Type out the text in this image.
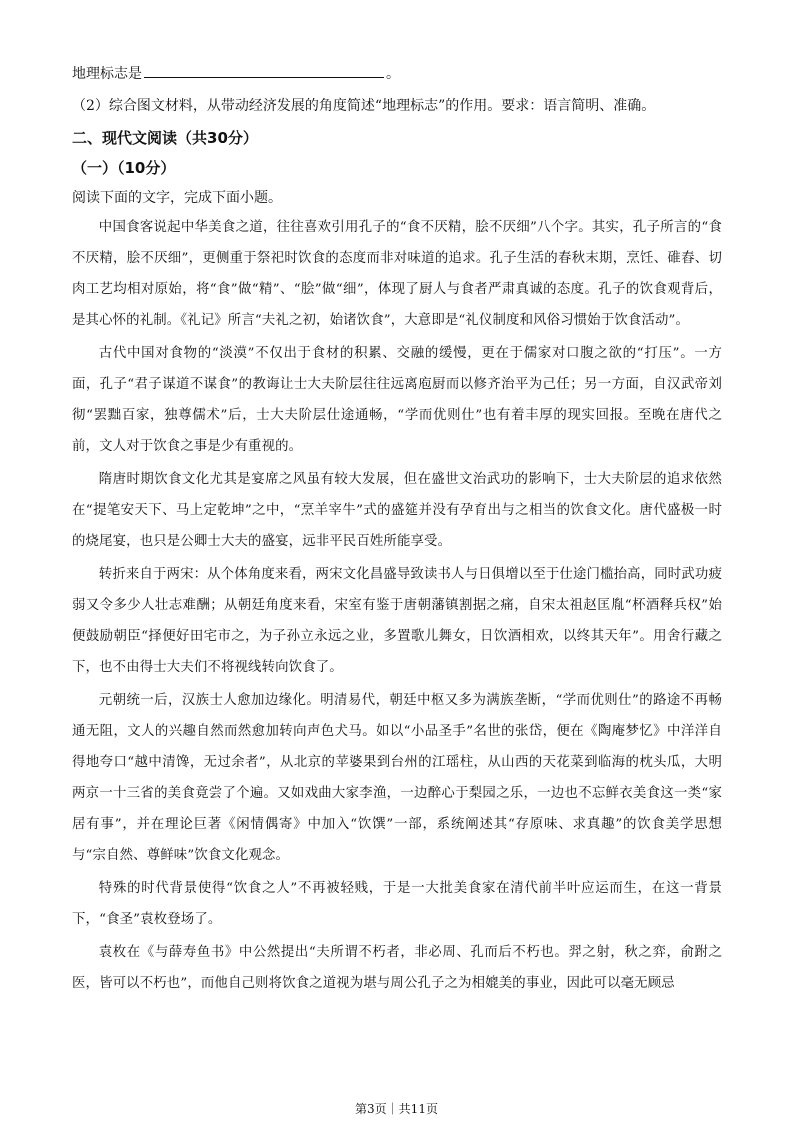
地理标志是	。
（2）综合图文材料，从带动经济发展的角度简述“地理标志”的作用。要求：语言简明、准确。
二、现代文阅读（共30分）
（一）（10分）
阅读下面的文字，完成下面小题。
中国食客说起中华美食之道，往往喜欢引用孔子的“食不厌精，脍不厌细”八个字。其实，孔子所言的“食不厌精，脍不厌细”，更侧重于祭祀时饮食的态度而非对味道的追求。孔子生活的春秋末期，烹饪、碓舂、切肉工艺均相对原始，将“食”做“精”、“脍”做“细”，体现了厨人与食者严肃真诚的态度。孔子的饮食观背后，是其心怀的礼制。《礼记》所言“夫礼之初，始诸饮食”，大意即是“礼仪制度和风俗习惯始于饮食活动”。
古代中国对食物的“淡漠”不仅出于食材的积累、交融的缓慢，更在于儒家对口腹之欲的“打压”。一方面，孔子“君子谋道不谋食”的教诲让士大夫阶层往往远离庖厨而以修齐治平为己任；另一方面，自汉武帝刘彻“罢黜百家，独尊儒术”后，士大夫阶层仕途通畅，“学而优则仕”也有着丰厚的现实回报。至晚在唐代之前，文人对于饮食之事是少有重视的。
隋唐时期饮食文化尤其是宴席之风虽有较大发展，但在盛世文治武功的影响下，士大夫阶层的追求依然在“提笔安天下、马上定乾坤”之中，“烹羊宰牛”式的盛筵并没有孕育出与之相当的饮食文化。唐代盛极一时的烧尾宴，也只是公卿士大夫的盛宴，远非平民百姓所能享受。
转折来自于两宋：从个体角度来看，两宋文化昌盛导致读书人与日俱增以至于仕途门槛抬高，同时武功疲弱又令多少人壮志难酬；从朝廷角度来看，宋室有鉴于唐朝藩镇割据之痛，自宋太祖赵匡胤“杯酒释兵权”始便鼓励朝臣“择便好田宅市之，为子孙立永远之业，多置歌儿舞女，日饮酒相欢，以终其天年”。用舍行藏之下，也不由得士大夫们不将视线转向饮食了。
元朝统一后，汉族士人愈加边缘化。明清易代，朝廷中枢又多为满族垄断，“学而优则仕”的路途不再畅通无阻，文人的兴趣自然而然愈加转向声色犬马。如以“小品圣手”名世的张岱，便在《陶庵梦忆》中洋洋自得地夸口“越中清馋，无过余者”，从北京的苹婆果到台州的江瑶柱，从山西的天花菜到临海的枕头瓜，大明两京一十三省的美食竟尝了个遍。又如戏曲大家李渔，一边醉心于梨园之乐，一边也不忘鲜衣美食这一类“家居有事”，并在理论巨著《闲情偶寄》中加入“饮馔”一部，系统阐述其“存原味、求真趣”的饮食美学思想与“宗自然、尊鲜味”饮食文化观念。
特殊的时代背景使得“饮食之人”不再被轻贱，于是一大批美食家在清代前半叶应运而生，在这一背景下，“食圣”袁枚登场了。
袁枚在《与薛寿鱼书》中公然提出“夫所谓不朽者，非必周、孔而后不朽也。羿之射，秋之弈，俞跗之医，皆可以不朽也”，而他自己则将饮食之道视为堪与周公孔子之为相媲美的事业，因此可以毫无顾忌
第3页｜共11页
